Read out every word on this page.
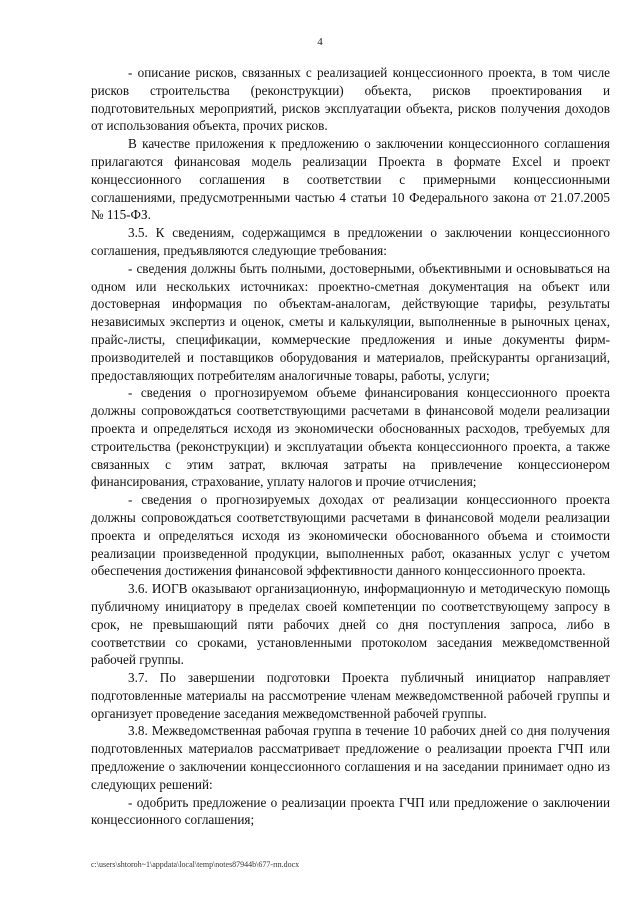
4

- описание рисков, связанных с реализацией концессионного проекта, в том числе рисков строительства (реконструкции) объекта, рисков проектирования и подготовительных мероприятий, рисков эксплуатации объекта, рисков получения доходов от использования объекта, прочих рисков.

В качестве приложения к предложению о заключении концессионного соглашения прилагаются финансовая модель реализации Проекта в формате Excel и проект концессионного соглашения в соответствии с примерными концессионными соглашениями, предусмотренными частью 4 статьи 10 Федерального закона от 21.07.2005 № 115-ФЗ.

3.5. К сведениям, содержащимся в предложении о заключении концессионного соглашения, предъявляются следующие требования:

- сведения должны быть полными, достоверными, объективными и основываться на одном или нескольких источниках: проектно-сметная документация на объект или достоверная информация по объектам-аналогам, действующие тарифы, результаты независимых экспертиз и оценок, сметы и калькуляции, выполненные в рыночных ценах, прайс-листы, спецификации, коммерческие предложения и иные документы фирм-производителей и поставщиков оборудования и материалов, прейскуранты организаций, предоставляющих потребителям аналогичные товары, работы, услуги;

- сведения о прогнозируемом объеме финансирования концессионного проекта должны сопровождаться соответствующими расчетами в финансовой модели реализации проекта и определяться исходя из экономически обоснованных расходов, требуемых для строительства (реконструкции) и эксплуатации объекта концессионного проекта, а также связанных с этим затрат, включая затраты на привлечение концессионером финансирования, страхование, уплату налогов и прочие отчисления;

- сведения о прогнозируемых доходах от реализации концессионного проекта должны сопровождаться соответствующими расчетами в финансовой модели реализации проекта и определяться исходя из экономически обоснованного объема и стоимости реализации произведенной продукции, выполненных работ, оказанных услуг с учетом обеспечения достижения финансовой эффективности данного концессионного проекта.

3.6. ИОГВ оказывают организационную, информационную и методическую помощь публичному инициатору в пределах своей компетенции по соответствующему запросу в срок, не превышающий пяти рабочих дней со дня поступления запроса, либо в соответствии со сроками, установленными протоколом заседания межведомственной рабочей группы.

3.7. По завершении подготовки Проекта публичный инициатор направляет подготовленные материалы на рассмотрение членам межведомственной рабочей группы и организует проведение заседания межведомственной рабочей группы.

3.8. Межведомственная рабочая группа в течение 10 рабочих дней со дня получения подготовленных материалов рассматривает предложение о реализации проекта ГЧП или предложение о заключении концессионного соглашения и на заседании принимает одно из следующих решений:

- одобрить предложение о реализации проекта ГЧП или предложение о заключении концессионного соглашения;

c:\users\shtoroh~1\appdata\local\temp\notes87944b\677-пп.docx
